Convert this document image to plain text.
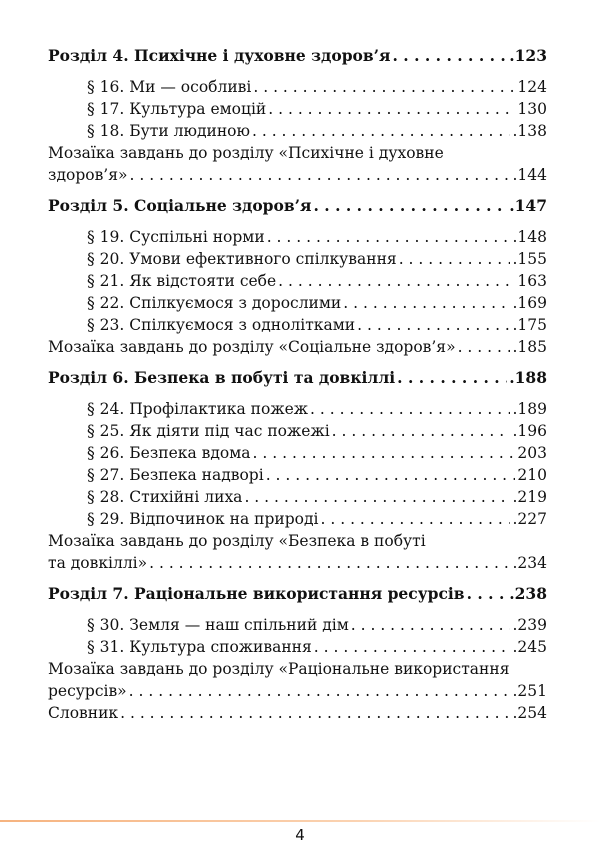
Розділ 4. Психічне і духовне здоров’я . . .	.123
§ 16. Ми — особливі . . .	124
§ 17. Культура емоцій . . .	130
§ 18. Бути людиною . . .	.138
Мозаїка завдань до розділу «Психічне і духовне
здоров’я» . . .	.144
Розділ 5. Соціальне здоров’я . . .	.147
§ 19. Суспільні норми . . .	.148
§ 20. Умови ефективного спілкування . . .	.155
§ 21. Як відстояти себе . . .	163
§ 22. Спілкуємося з дорослими . . .	.169
§ 23. Спілкуємося з однолітками . . .	.175
Мозаїка завдань до розділу «Соціальне здоров’я» . . .	.185
Розділ 6. Безпека в побуті та довкіллі . . .	.188
§ 24. Профілактика пожеж . . .	.189
§ 25. Як діяти під час пожежі . . .	.196
§ 26. Безпека вдома . . .	203
§ 27. Безпека надворі . . .	210
§ 28. Стихійні лиха . . .	.219
§ 29. Відпочинок на природі . . .	.227
Мозаїка завдань до розділу «Безпека в побуті
та довкіллі» . . .	.234
Розділ 7. Раціональне використання ресурсів . . .	.238
§ 30. Земля — наш спільний дім . . .	.239
§ 31. Культура споживання . . .	.245
Мозаїка завдань до розділу «Раціональне використання
ресурсів» . . .	.251
Словник . . .	.254
4
